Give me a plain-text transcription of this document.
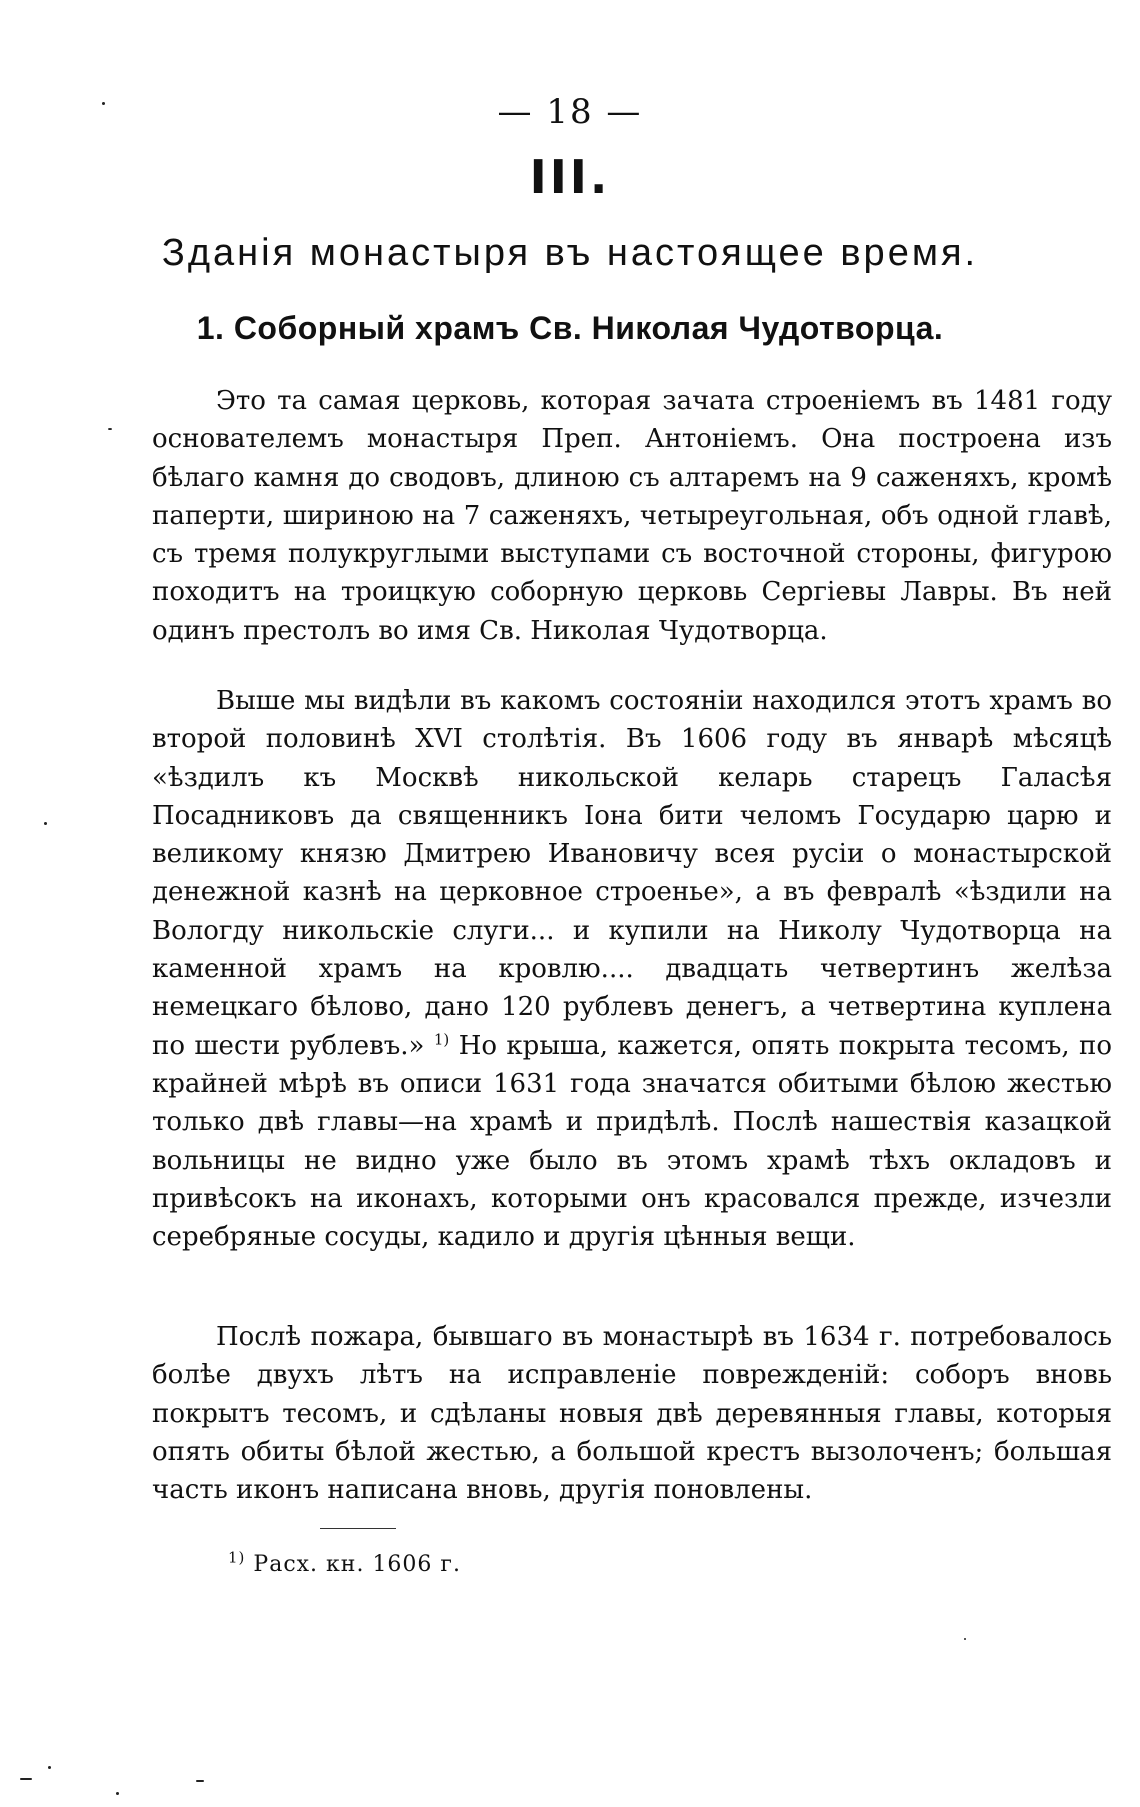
— 18 —
III.
Зданія монастыря въ настоящее время.
1. Соборный храмъ Св. Николая Чудотворца.

Это та самая церковь, которая зачата строеніемъ въ 1481 году основателемъ монастыря Преп. Антоніемъ. Она построена изъ бѣлаго камня до сводовъ, длиною съ алтаремъ на 9 саженяхъ, кромѣ паперти, шириною на 7 саженяхъ, четыреугольная, объ одной главѣ, съ тремя полукруглыми выступами съ восточной стороны, фигурою походитъ на троицкую соборную церковь Сергіевы Лавры. Въ ней одинъ престолъ во имя Св. Николая Чудотворца.

Выше мы видѣли въ какомъ состояніи находился этотъ храмъ во второй половинѣ XVI столѣтія. Въ 1606 году въ январѣ мѣсяцѣ «ѣздилъ къ Москвѣ никольской келарь старецъ Галасѣя Посадниковъ да священникъ Іона бити челомъ Государю царю и великому князю Дмитрею Ивановичу всея русіи о монастырской денежной казнѣ на церковное строенье», а въ февралѣ «ѣздили на Вологду никольскіе слуги... и купили на Николу Чудотворца на каменной храмъ на кровлю.... двадцать четвертинъ желѣза немецкаго бѣлово, дано 120 рублевъ денегъ, а четвертина куплена по шести рублевъ.» $^{1)}$ Но крыша, кажется, опять покрыта тесомъ, по крайней мѣрѣ въ описи 1631 года значатся обитыми бѣлою жестью только двѣ главы—на храмѣ и придѣлѣ. Послѣ нашествія казацкой вольницы не видно уже было въ этомъ храмѣ тѣхъ окладовъ и привѣсокъ на иконахъ, которыми онъ красовался прежде, изчезли серебряные сосуды, кадило и другія цѣнныя вещи.

Послѣ пожара, бывшаго въ монастырѣ въ 1634 г. потребовалось болѣе двухъ лѣтъ на исправленіе повреждeній: соборъ вновь покрытъ тесомъ, и сдѣланы новыя двѣ деревянныя главы, которыя опять обиты бѣлой жестью, а большой крестъ вызолоченъ; большая часть иконъ написана вновь, другія поновлены.

$^{1)}$ Расх. кн. 1606 г.
